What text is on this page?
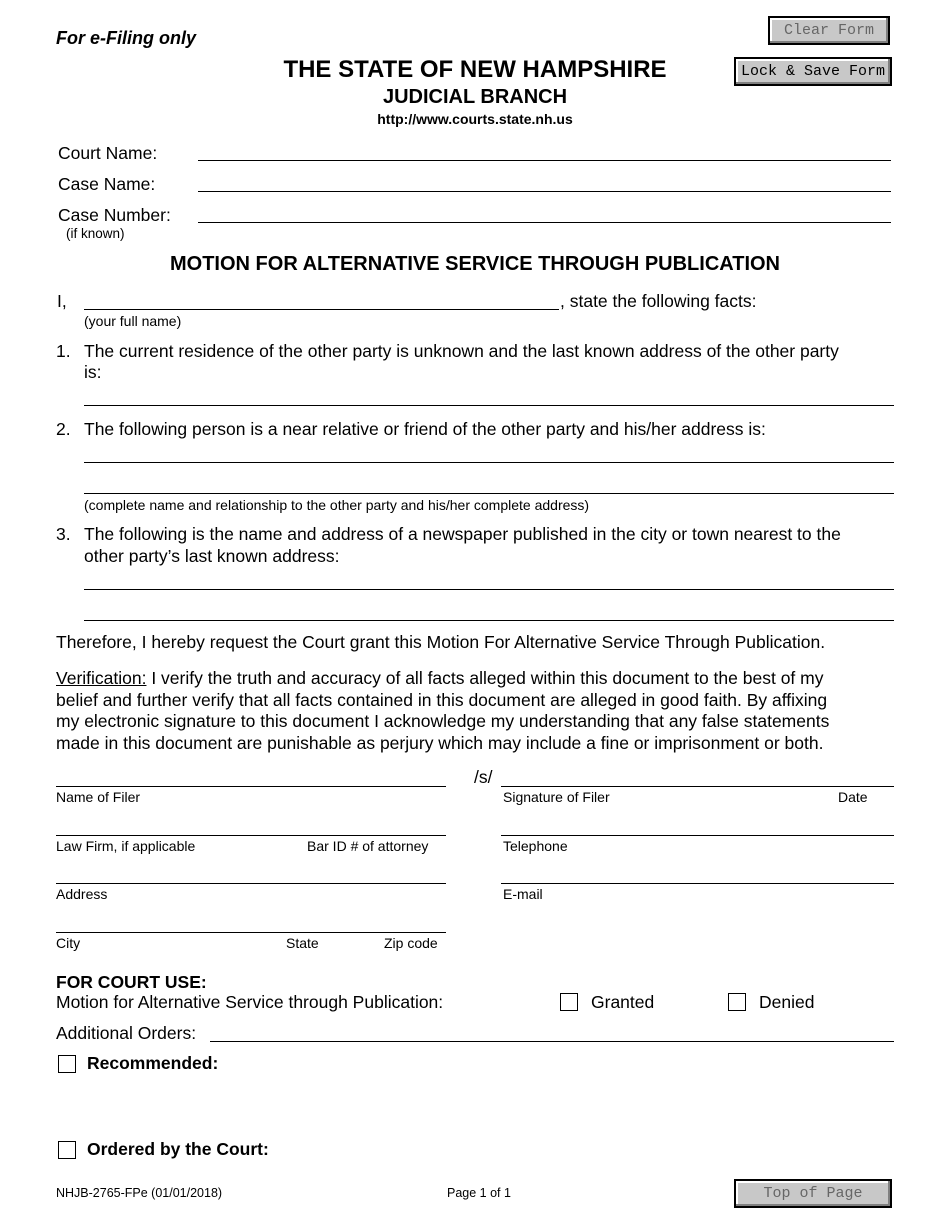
For e-Filing only
THE STATE OF NEW HAMPSHIRE
JUDICIAL BRANCH
http://www.courts.state.nh.us
Clear Form
Lock & Save Form
Court Name:
Case Name:
Case Number:
(if known)
MOTION FOR ALTERNATIVE SERVICE THROUGH PUBLICATION
I,	, state the following facts:
(your full name)
1. The current residence of the other party is unknown and the last known address of the other party
is:
2. The following person is a near relative or friend of the other party and his/her address is:
(complete name and relationship to the other party and his/her complete address)
3. The following is the name and address of a newspaper published in the city or town nearest to the
other party’s last known address:
Therefore, I hereby request the Court grant this Motion For Alternative Service Through Publication.
Verification: I verify the truth and accuracy of all facts alleged within this document to the best of my
belief and further verify that all facts contained in this document are alleged in good faith. By affixing
my electronic signature to this document I acknowledge my understanding that any false statements
made in this document are punishable as perjury which may include a fine or imprisonment or both.
/s/
Name of Filer	Signature of Filer	Date
Law Firm, if applicable	Bar ID # of attorney	Telephone
Address	E-mail
City	State	Zip code
FOR COURT USE:
Motion for Alternative Service through Publication:	Granted	Denied
Additional Orders:
Recommended:
Ordered by the Court:
NHJB-2765-FPe (01/01/2018)	Page 1 of 1	Top of Page
